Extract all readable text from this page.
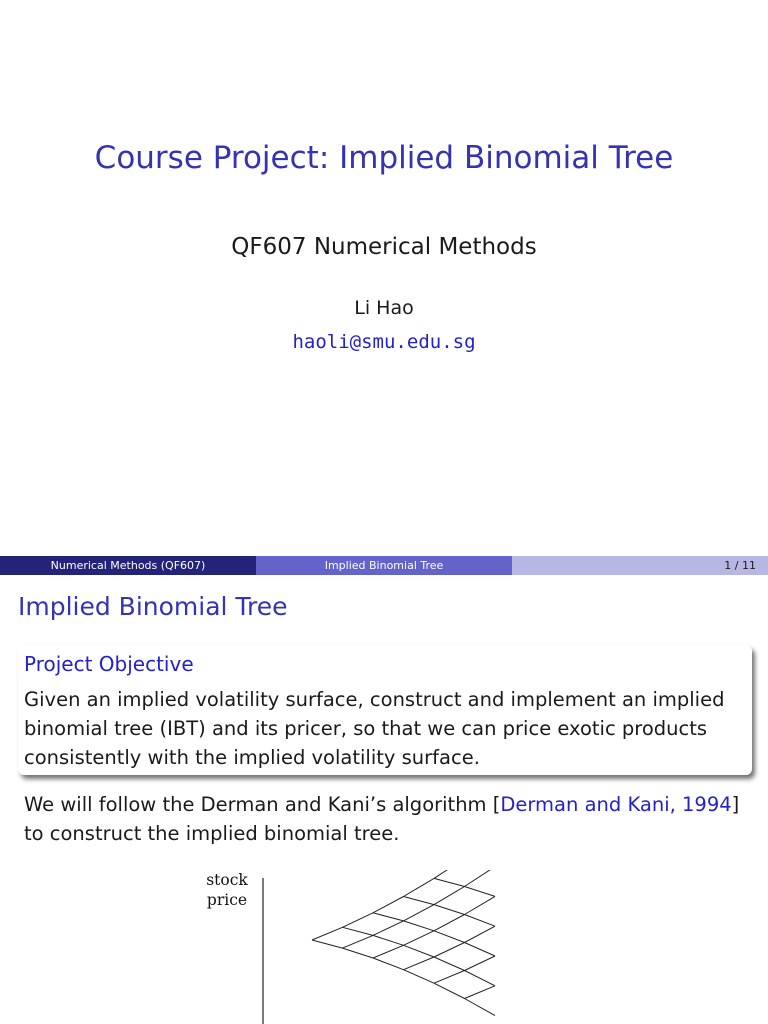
Course Project: Implied Binomial Tree
QF607 Numerical Methods
Li Hao
haoli@smu.edu.sg
Numerical Methods (QF607)	Implied Binomial Tree	1 / 11
Implied Binomial Tree
Project Objective
Given an implied volatility surface, construct and implement an implied
binomial tree (IBT) and its pricer, so that we can price exotic products
consistently with the implied volatility surface.
We will follow the Derman and Kani’s algorithm [Derman and Kani, 1994]
to construct the implied binomial tree.
stock
price
